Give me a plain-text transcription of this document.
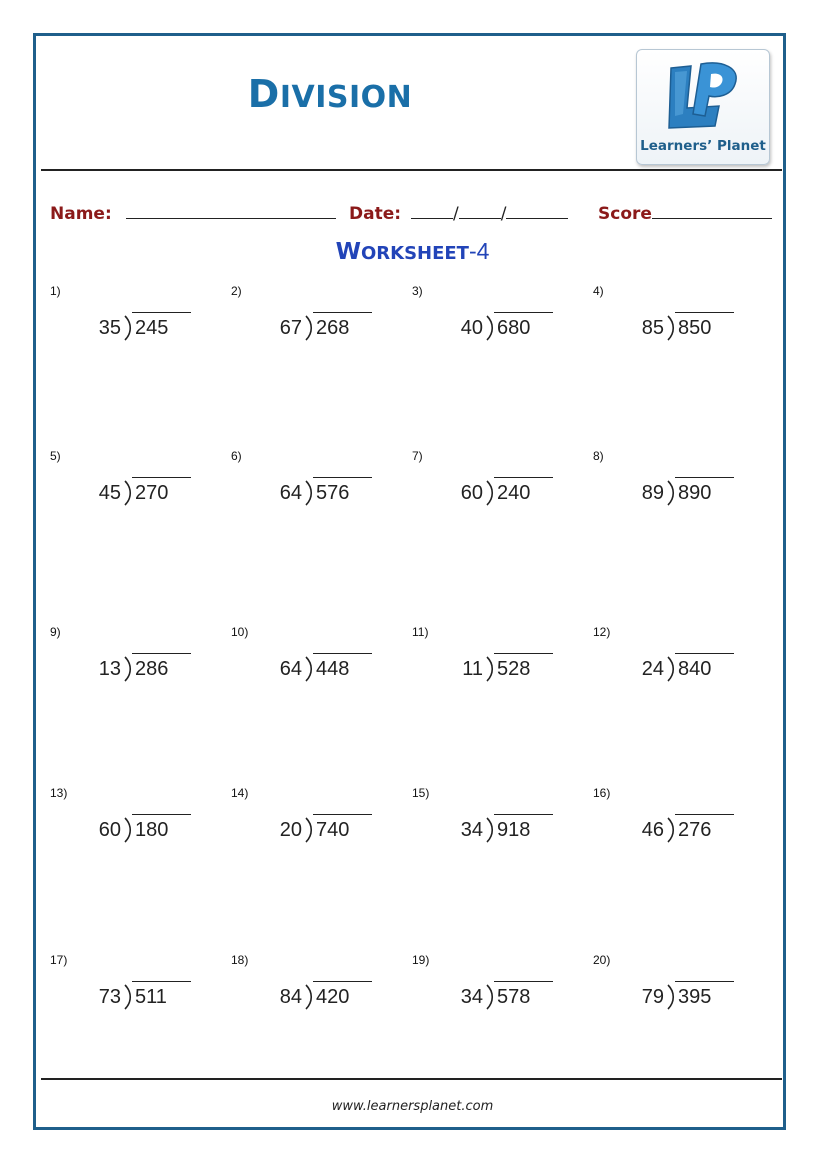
DIVISION
Learners’ Planet
Name:	Date:	/ /	Score
WORKSHEET-4
1)
35 245
2)
67 268
3)
40 680
4)
85 850
5)
45 270
6)
64 576
7)
60 240
8)
89 890
9)
13 286
10)
64 448
11)
11 528
12)
24 840
13)
60 180
14)
20 740
15)
34 918
16)
46 276
17)
73 511
18)
84 420
19)
34 578
20)
79 395
www.learnersplanet.com
